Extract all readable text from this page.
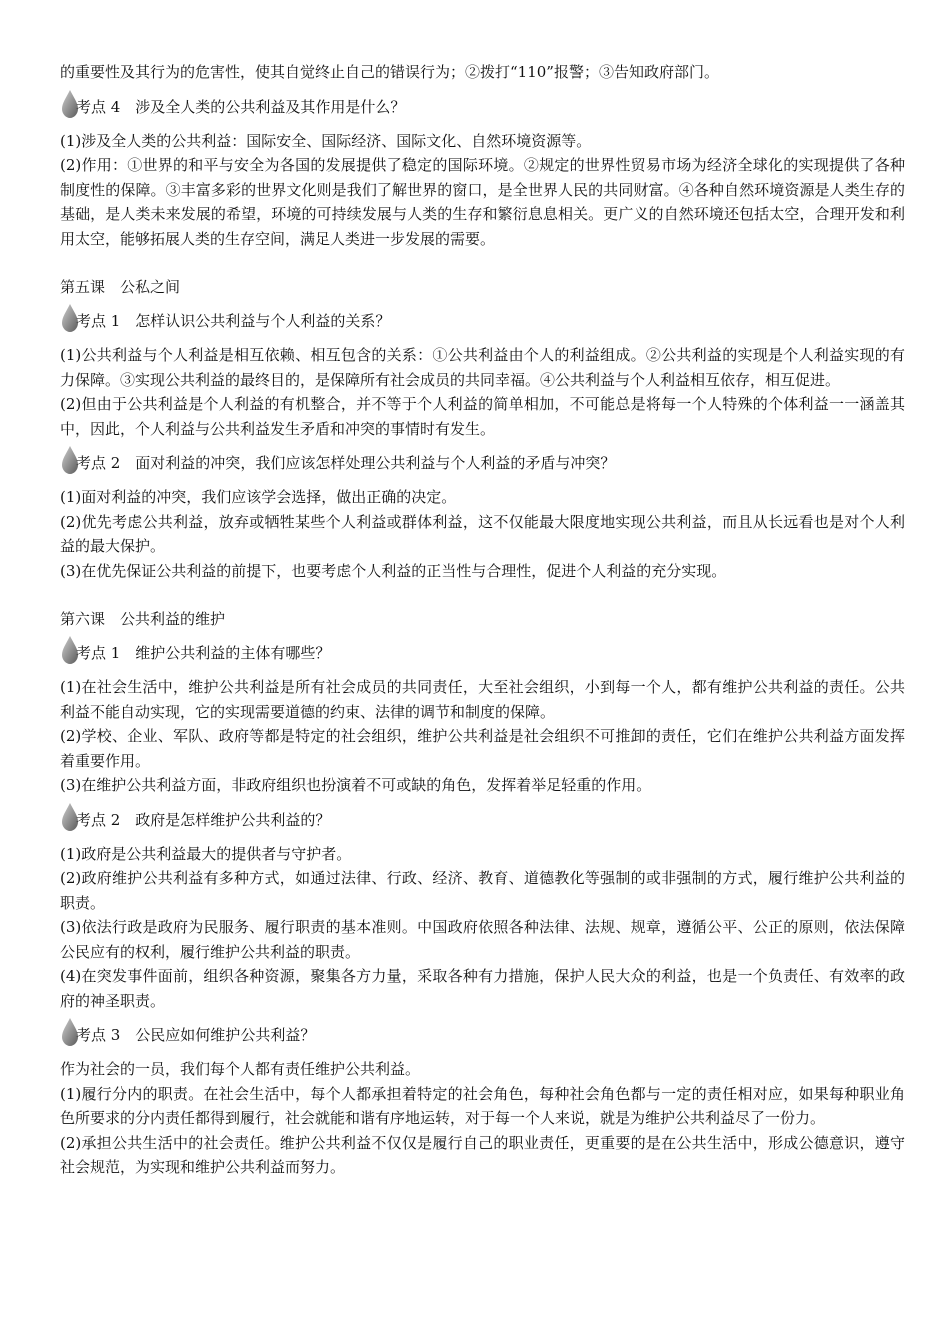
的重要性及其行为的危害性，使其自觉终止自己的错误行为；②拨打“110”报警；③告知政府部门。

考点 4　涉及全人类的公共利益及其作用是什么？

(1)涉及全人类的公共利益：国际安全、国际经济、国际文化、自然环境资源等。

(2)作用：①世界的和平与安全为各国的发展提供了稳定的国际环境。②规定的世界性贸易市场为经济全球化的实现提供了各种制度性的保障。③丰富多彩的世界文化则是我们了解世界的窗口，是全世界人民的共同财富。④各种自然环境资源是人类生存的基础，是人类未来发展的希望，环境的可持续发展与人类的生存和繁衍息息相关。更广义的自然环境还包括太空，合理开发和利用太空，能够拓展人类的生存空间，满足人类进一步发展的需要。

第五课　公私之间

考点 1　怎样认识公共利益与个人利益的关系？

(1)公共利益与个人利益是相互依赖、相互包含的关系：①公共利益由个人的利益组成。②公共利益的实现是个人利益实现的有力保障。③实现公共利益的最终目的，是保障所有社会成员的共同幸福。④公共利益与个人利益相互依存，相互促进。

(2)但由于公共利益是个人利益的有机整合，并不等于个人利益的简单相加，不可能总是将每一个人特殊的个体利益一一涵盖其中，因此，个人利益与公共利益发生矛盾和冲突的事情时有发生。

考点 2　面对利益的冲突，我们应该怎样处理公共利益与个人利益的矛盾与冲突？

(1)面对利益的冲突，我们应该学会选择，做出正确的决定。

(2)优先考虑公共利益，放弃或牺牲某些个人利益或群体利益，这不仅能最大限度地实现公共利益，而且从长远看也是对个人利益的最大保护。

(3)在优先保证公共利益的前提下，也要考虑个人利益的正当性与合理性，促进个人利益的充分实现。

第六课　公共利益的维护

考点 1　维护公共利益的主体有哪些？

(1)在社会生活中，维护公共利益是所有社会成员的共同责任，大至社会组织，小到每一个人，都有维护公共利益的责任。公共利益不能自动实现，它的实现需要道德的约束、法律的调节和制度的保障。

(2)学校、企业、军队、政府等都是特定的社会组织，维护公共利益是社会组织不可推卸的责任，它们在维护公共利益方面发挥着重要作用。

(3)在维护公共利益方面，非政府组织也扮演着不可或缺的角色，发挥着举足轻重的作用。

考点 2　政府是怎样维护公共利益的？

(1)政府是公共利益最大的提供者与守护者。

(2)政府维护公共利益有多种方式，如通过法律、行政、经济、教育、道德教化等强制的或非强制的方式，履行维护公共利益的职责。

(3)依法行政是政府为民服务、履行职责的基本准则。中国政府依照各种法律、法规、规章，遵循公平、公正的原则，依法保障公民应有的权利，履行维护公共利益的职责。

(4)在突发事件面前，组织各种资源，聚集各方力量，采取各种有力措施，保护人民大众的利益，也是一个负责任、有效率的政府的神圣职责。

考点 3　公民应如何维护公共利益？

作为社会的一员，我们每个人都有责任维护公共利益。

(1)履行分内的职责。在社会生活中，每个人都承担着特定的社会角色，每种社会角色都与一定的责任相对应，如果每种职业角色所要求的分内责任都得到履行，社会就能和谐有序地运转，对于每一个人来说，就是为维护公共利益尽了一份力。

(2)承担公共生活中的社会责任。维护公共利益不仅仅是履行自己的职业责任，更重要的是在公共生活中，形成公德意识，遵守社会规范，为实现和维护公共利益而努力。
